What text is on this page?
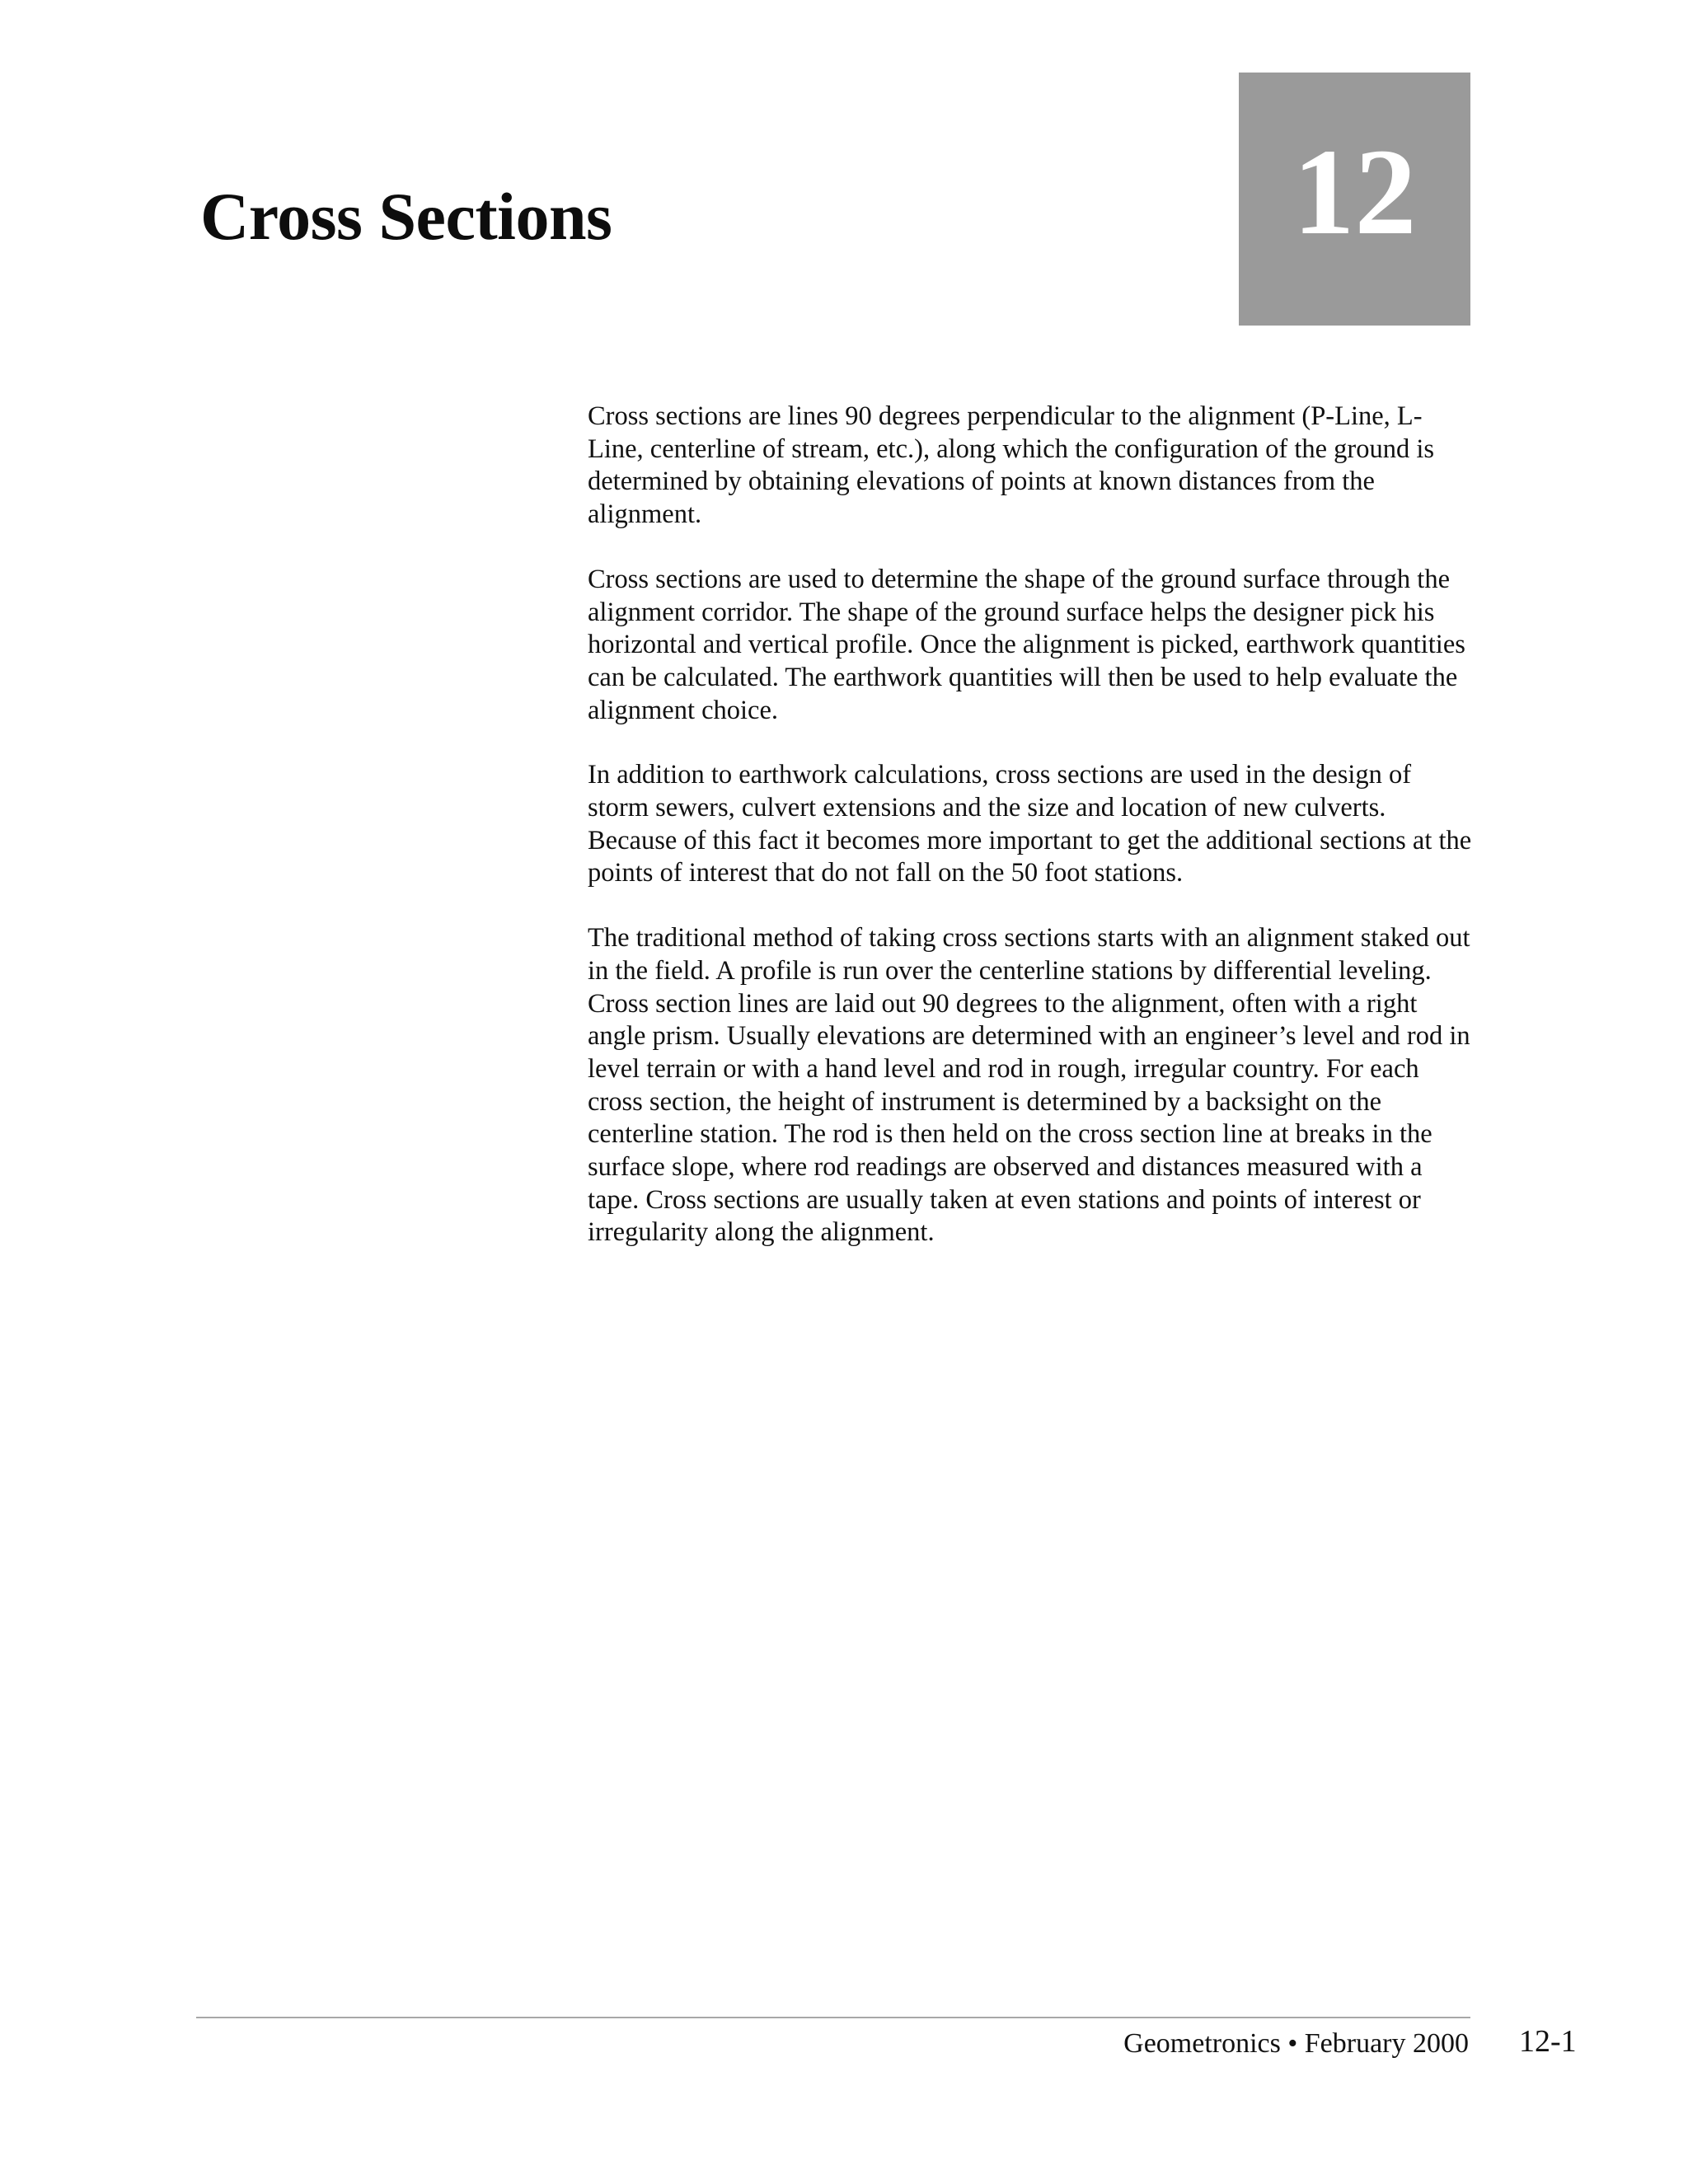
Cross Sections	12

Cross sections are lines 90 degrees perpendicular to the alignment (P-Line, L-Line, centerline of stream, etc.), along which the configuration of the ground is determined by obtaining elevations of points at known distances from the alignment.

Cross sections are used to determine the shape of the ground surface through the alignment corridor. The shape of the ground surface helps the designer pick his horizontal and vertical profile. Once the alignment is picked, earthwork quantities can be calculated. The earthwork quantities will then be used to help evaluate the alignment choice.

In addition to earthwork calculations, cross sections are used in the design of storm sewers, culvert extensions and the size and location of new culverts. Because of this fact it becomes more important to get the additional sections at the points of interest that do not fall on the 50 foot stations.

The traditional method of taking cross sections starts with an alignment staked out in the field. A profile is run over the centerline stations by differential leveling. Cross section lines are laid out 90 degrees to the alignment, often with a right angle prism. Usually elevations are determined with an engineer’s level and rod in level terrain or with a hand level and rod in rough, irregular country. For each cross section, the height of instrument is determined by a backsight on the centerline station. The rod is then held on the cross section line at breaks in the surface slope, where rod readings are observed and distances measured with a tape. Cross sections are usually taken at even stations and points of interest or irregularity along the alignment.

Geometronics • February 2000 12-1
